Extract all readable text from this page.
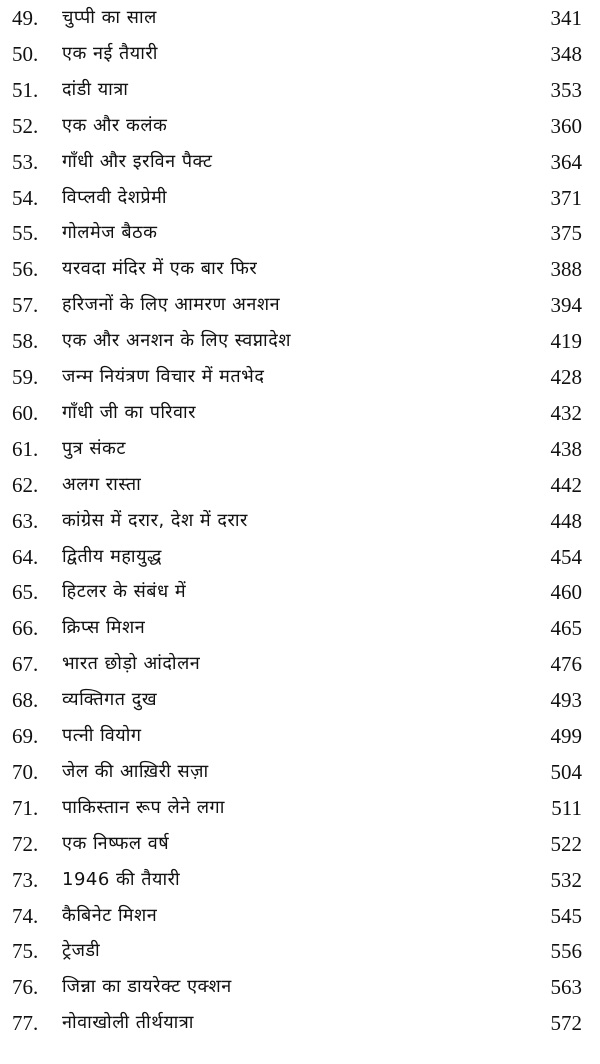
49. चुप्पी का साल	341
50. एक नई तैयारी	348
51. दांडी यात्रा	353
52. एक और कलंक	360
53. गाँधी और इरविन पैक्ट	364
54. विप्लवी देशप्रेमी	371
55. गोलमेज बैठक	375
56. यरवदा मंदिर में एक बार फिर	388
57. हरिजनों के लिए आमरण अनशन	394
58. एक और अनशन के लिए स्वप्नादेश	419
59. जन्म नियंत्रण विचार में मतभेद	428
60. गाँधी जी का परिवार	432
61. पुत्र संकट	438
62. अलग रास्ता	442
63. कांग्रेस में दरार, देश में दरार	448
64. द्वितीय महायुद्ध	454
65. हिटलर के संबंध में	460
66. क्रिप्स मिशन	465
67. भारत छोड़ो आंदोलन	476
68. व्यक्तिगत दुख	493
69. पत्नी वियोग	499
70. जेल की आख़िरी सज़ा	504
71. पाकिस्तान रूप लेने लगा	511
72. एक निष्फल वर्ष	522
73. 1946 की तैयारी	532
74. कैबिनेट मिशन	545
75. ट्रेजडी	556
76. जिन्ना का डायरेक्ट एक्शन	563
77. नोवाखोली तीर्थयात्रा	572
